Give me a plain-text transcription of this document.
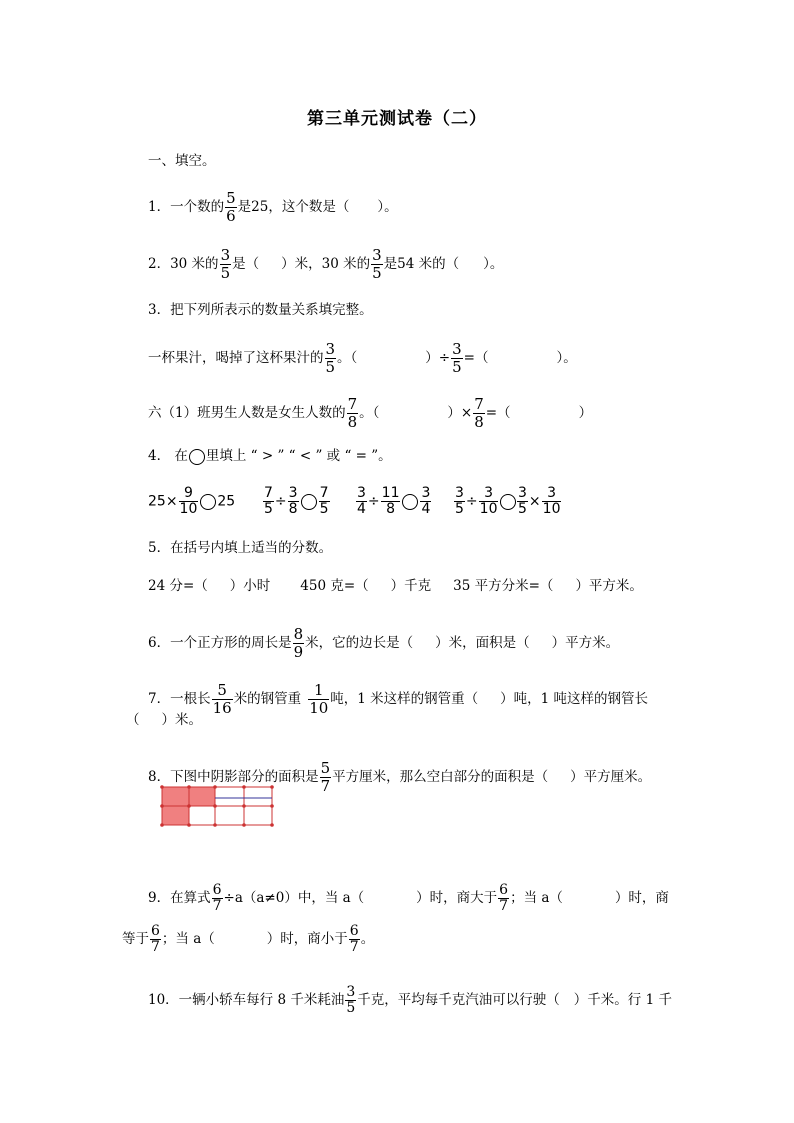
第三单元测试卷（二）
一、填空。
1．一个数的 $\frac{5}{6}$ 是25，这个数是（ ）。
2．30 米的 $\frac{3}{5}$ 是（ ）米，30 米的 $\frac{3}{5}$ 是54 米的（ ）。
3．把下列所表示的数量关系填完整。
一杯果汁，喝掉了这杯果汁的 $\frac{3}{5}$ 。（	）÷ $\frac{3}{5}$ =（	）。
六（1）班男生人数是女生人数的 $\frac{7}{8}$ 。（	）× $\frac{7}{8}$ =（	）
4． 在 里填上 “ > ” “ < ” 或 “ = ”。
$25\times \frac{9}{10} 25 \frac{7}{5} \div \frac{3}{8} \frac{7}{5} \frac{3}{4} \div \frac{11}{8} \frac{3}{4} \frac{3}{5} \div \frac{3}{10} \frac{3}{5} \times \frac{3}{10}$
5．在括号内填上适当的分数。
24 分=（ ）小时 450 克=（ ）千克 35 平方分米=（ ）平方米。
6．一个正方形的周长是 $\frac{8}{9}$ 米，它的边长是（ ）米，面积是（ ）平方米。
7．一根长 $\frac{5}{16}$ 米的钢管重 $\frac{1}{10}$ 吨，1 米这样的钢管重（ ）吨，1 吨这样的钢管长
（ ）米。
8．下图中阴影部分的面积是 $\frac{5}{7}$ 平方厘米，那么空白部分的面积是（ ）平方厘米。
9．在算式 $\frac{6}{7} \div a(a\ne 0)$中，当 a（	）时，商大于 $\frac{6}{7}$ ；当 a（	）时，商
等于 $\frac{6}{7}$ ；当 a（	）时，商小于 $\frac{6}{7}$ 。
10．一辆小轿车每行 8 千米耗油 $\frac{3}{5}$ 千克，平均每千克汽油可以行驶（ ）千米。行 1 千
